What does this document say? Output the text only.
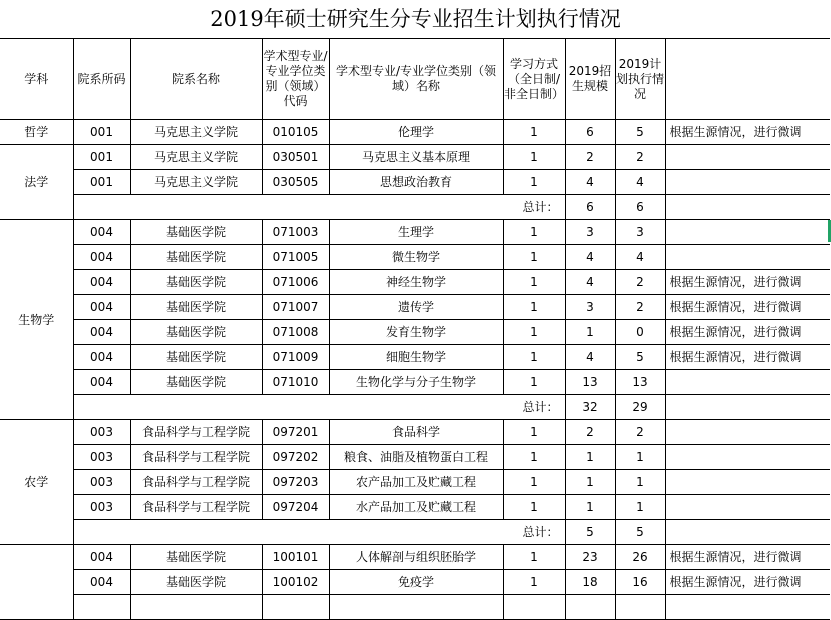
2019年硕士研究生分专业招生计划执行情况
学科	院系所码	院系名称	学术型专业/专业学位类别（领域）代码	学术型专业/专业学位类别（领域）名称	学习方式（全日制/非全日制）	2019招生规模	2019计划执行情况	
哲学	001	马克思主义学院	010105	伦理学	1	6	5	根据生源情况，进行微调
法学	001	马克思主义学院	030501	马克思主义基本原理	1	2	2	
	001	马克思主义学院	030505	思想政治教育	1	4	4	
	总计：					6	6	
生物学	004	基础医学院	071003	生理学	1	3	3	
	004	基础医学院	071005	微生物学	1	4	4	
	004	基础医学院	071006	神经生物学	1	4	2	根据生源情况，进行微调
	004	基础医学院	071007	遗传学	1	3	2	根据生源情况，进行微调
	004	基础医学院	071008	发育生物学	1	1	0	根据生源情况，进行微调
	004	基础医学院	071009	细胞生物学	1	4	5	根据生源情况，进行微调
	004	基础医学院	071010	生物化学与分子生物学	1	13	13	
	总计：					32	29	
农学	003	食品科学与工程学院	097201	食品科学	1	2	2	
	003	食品科学与工程学院	097202	粮食、油脂及植物蛋白工程	1	1	1	
	003	食品科学与工程学院	097203	农产品加工及贮藏工程	1	1	1	
	003	食品科学与工程学院	097204	水产品加工及贮藏工程	1	1	1	
	总计：					5	5	
	004	基础医学院	100101	人体解剖与组织胚胎学	1	23	26	根据生源情况，进行微调
	004	基础医学院	100102	免疫学	1	18	16	根据生源情况，进行微调
